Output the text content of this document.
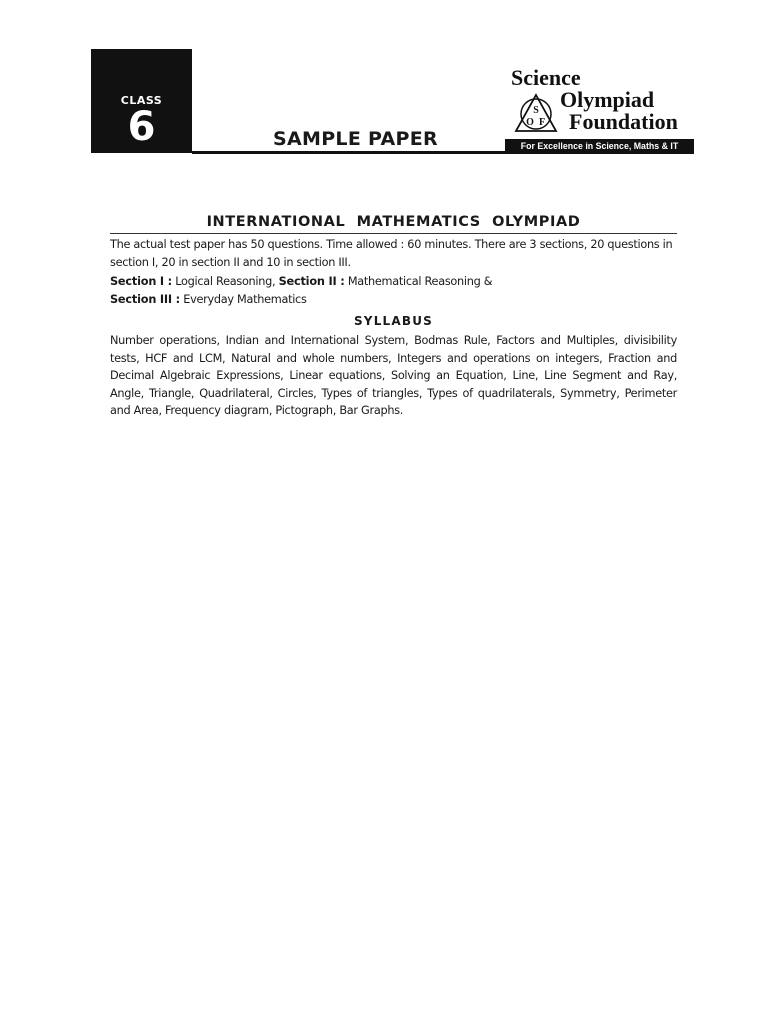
CLASS
6	SAMPLE PAPER
Science
Olympiad
Foundation
S
O F
For Excellence in Science, Maths & IT
INTERNATIONAL  MATHEMATICS  OLYMPIAD
The actual test paper has 50 questions. Time allowed : 60 minutes. There are 3 sections, 20 questions in section I, 20 in section II and 10 in section III.
Section I : Logical Reasoning, Section II : Mathematical Reasoning &
Section III : Everyday Mathematics
SYLLABUS
Number operations, Indian and International System, Bodmas Rule, Factors and Multiples, divisibility tests, HCF and LCM, Natural and whole numbers, Integers and operations on integers, Fraction and Decimal Algebraic Expressions, Linear equations, Solving an Equation, Line, Line Segment and Ray, Angle, Triangle, Quadrilateral, Circles, Types of triangles, Types of quadrilaterals, Symmetry, Perimeter and Area, Frequency diagram, Pictograph, Bar Graphs.
